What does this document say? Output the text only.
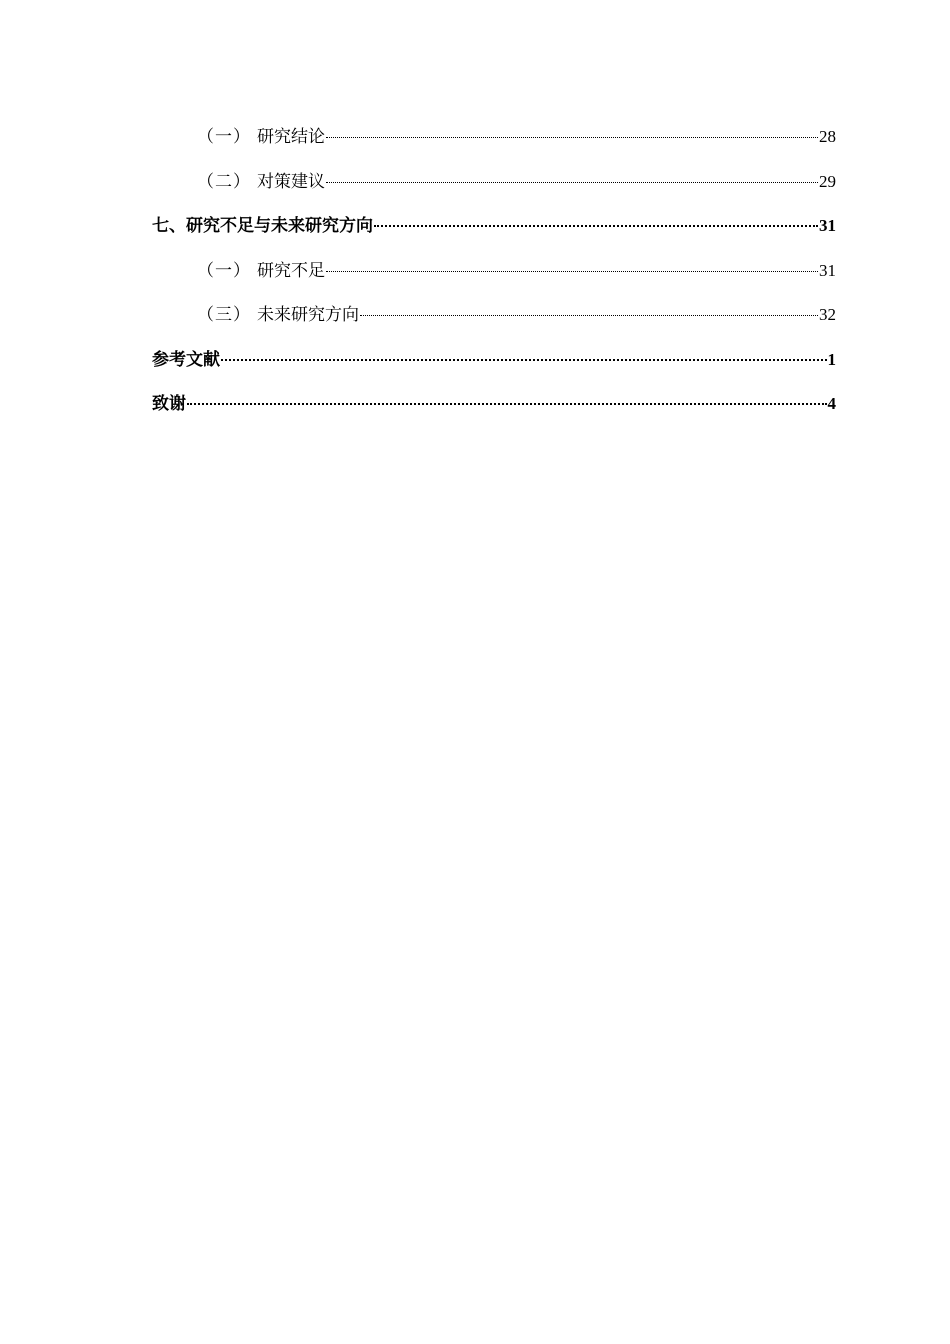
（一） 研究结论	28
（二） 对策建议	29
七、研究不足与未来研究方向	31
（一） 研究不足	31
（三） 未来研究方向	32
参考文献	1
致谢	4
